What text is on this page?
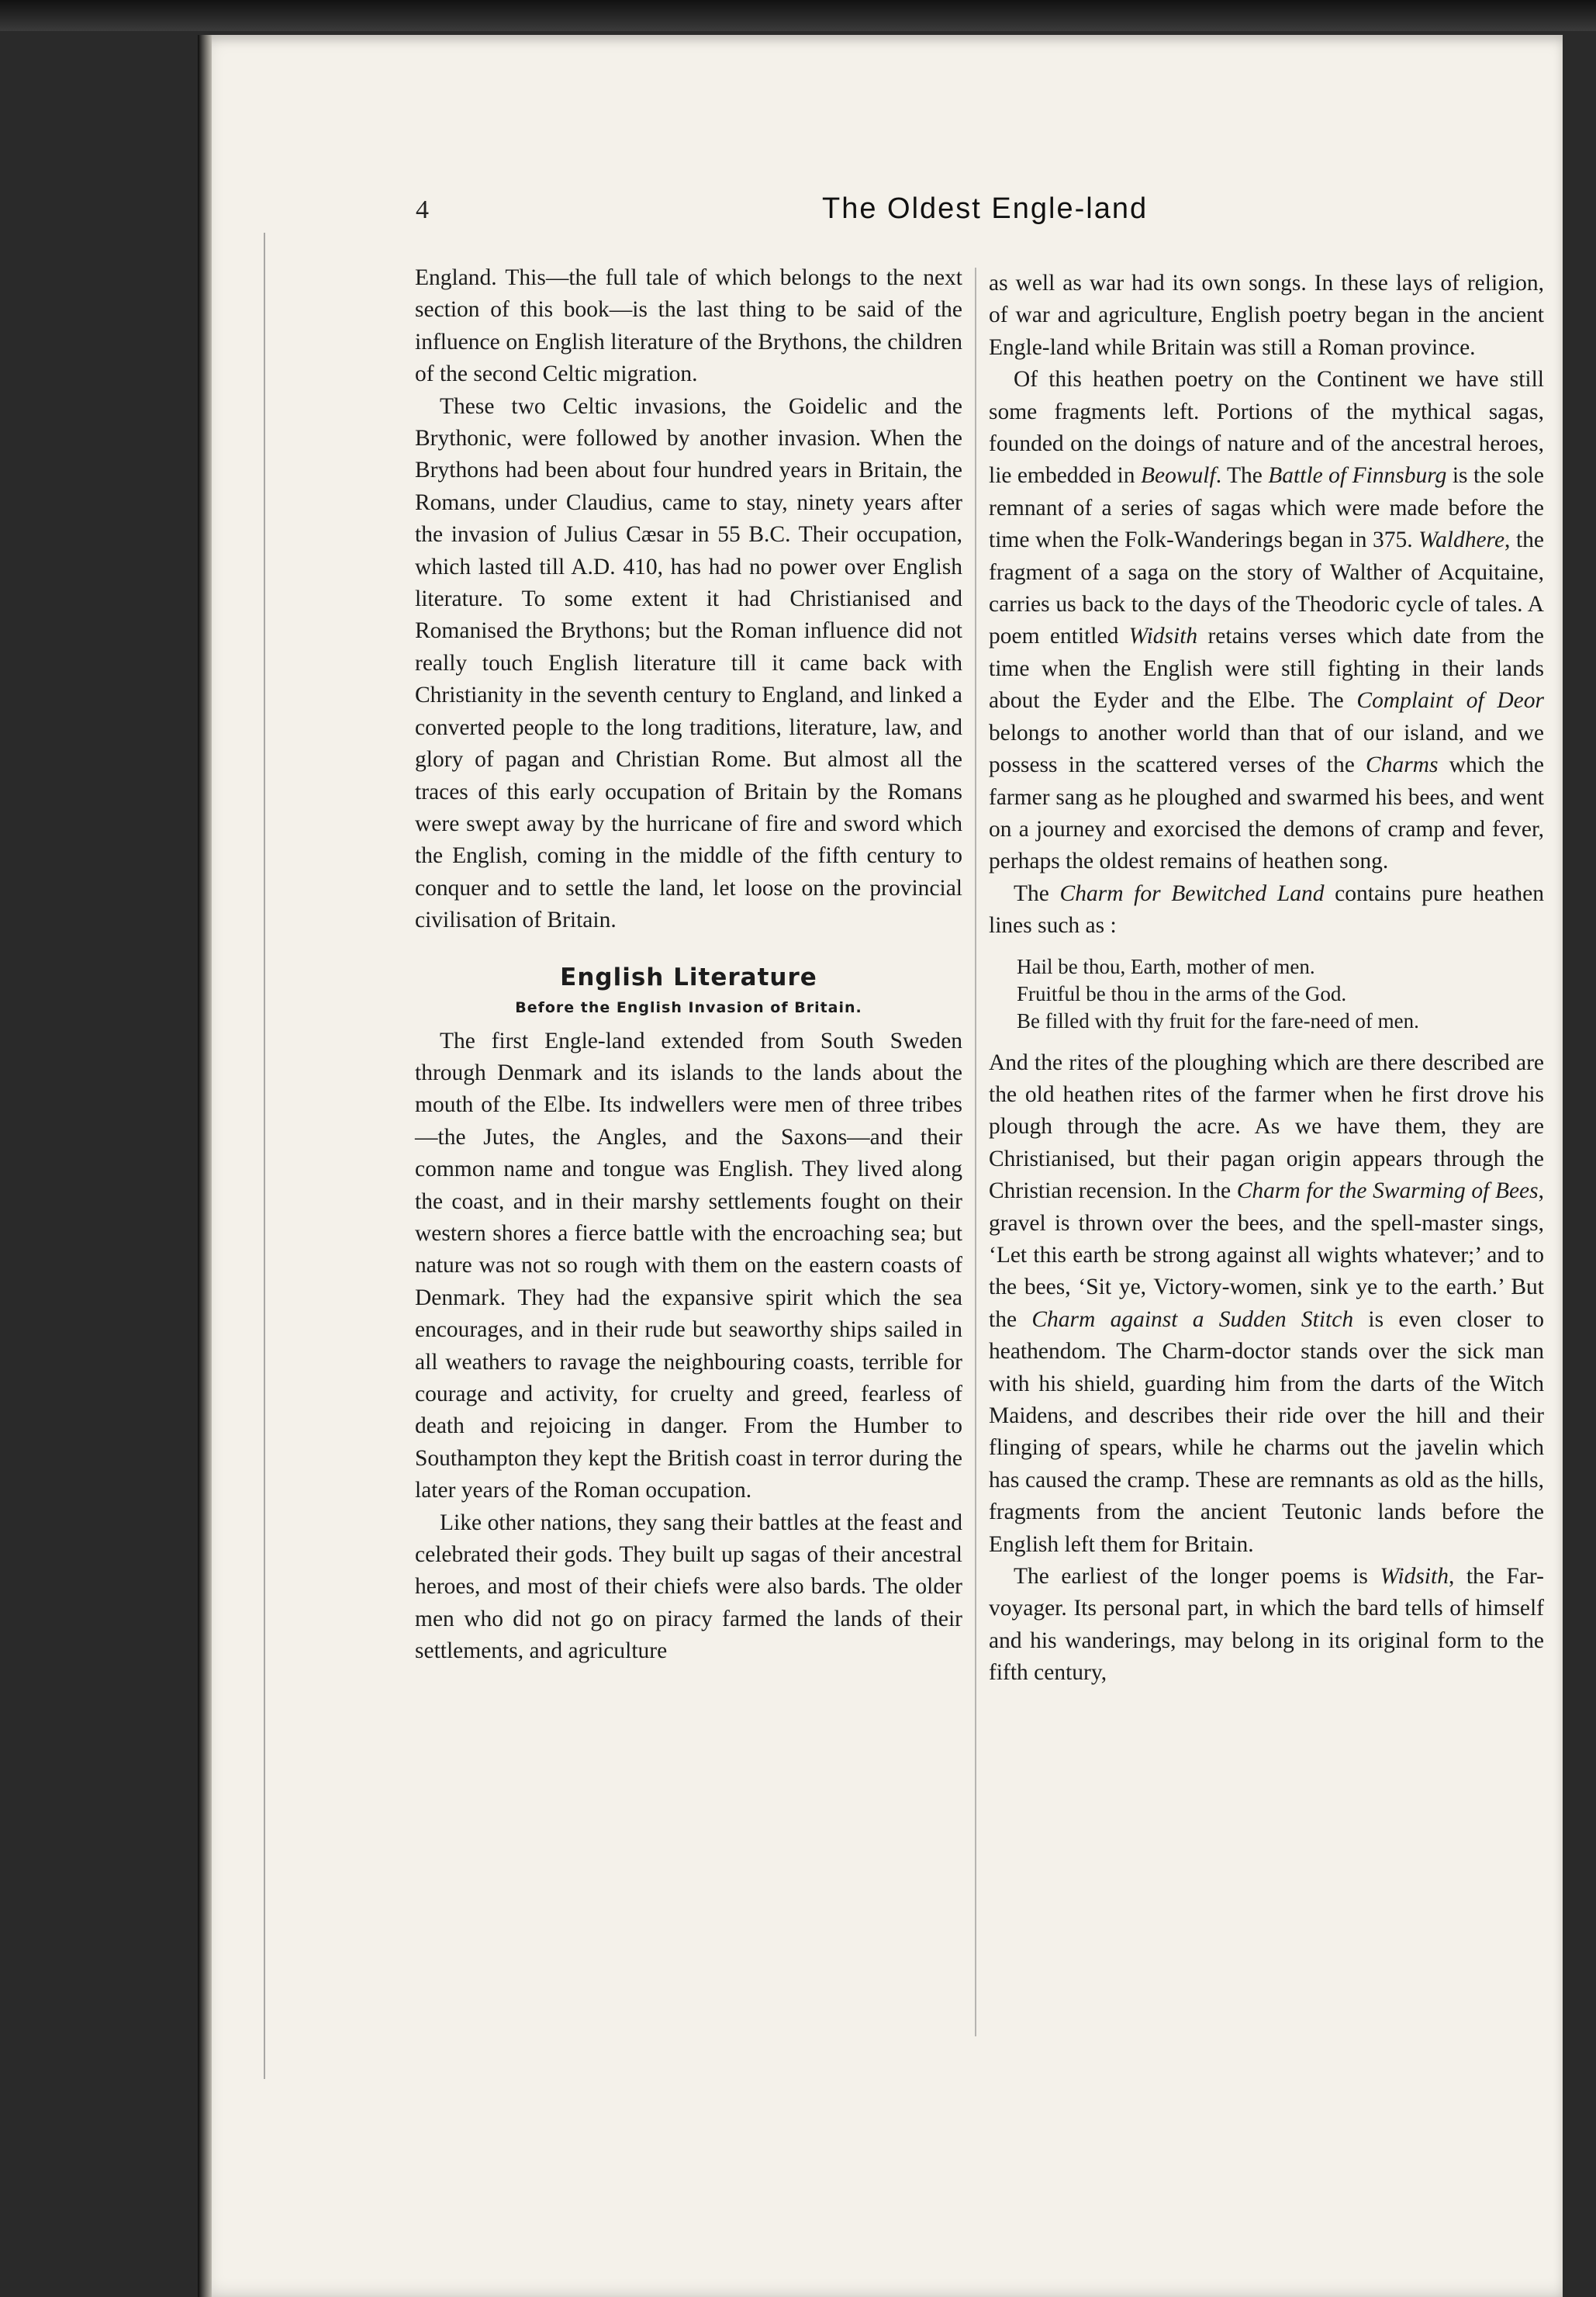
4	The Oldest Engle-land

England. This—the full tale of which belongs to the next section of this book—is the last thing to be said of the influence on English literature of the Brythons, the children of the second Celtic migration.

These two Celtic invasions, the Goidelic and the Brythonic, were followed by another invasion. When the Brythons had been about four hundred years in Britain, the Romans, under Claudius, came to stay, ninety years after the invasion of Julius Cæsar in 55 B.C. Their occupation, which lasted till A.D. 410, has had no power over English literature. To some extent it had Christianised and Romanised the Brythons; but the Roman influence did not really touch English literature till it came back with Christianity in the seventh century to England, and linked a converted people to the long traditions, literature, law, and glory of pagan and Christian Rome. But almost all the traces of this early occupation of Britain by the Romans were swept away by the hurricane of fire and sword which the English, coming in the middle of the fifth century to conquer and to settle the land, let loose on the provincial civilisation of Britain.

English Literature
Before the English Invasion of Britain.

The first Engle-land extended from South Sweden through Denmark and its islands to the lands about the mouth of the Elbe. Its indwellers were men of three tribes—the Jutes, the Angles, and the Saxons—and their common name and tongue was English. They lived along the coast, and in their marshy settlements fought on their western shores a fierce battle with the encroaching sea; but nature was not so rough with them on the eastern coasts of Denmark. They had the expansive spirit which the sea encourages, and in their rude but seaworthy ships sailed in all weathers to ravage the neighbouring coasts, terrible for courage and activity, for cruelty and greed, fearless of death and rejoicing in danger. From the Humber to Southampton they kept the British coast in terror during the later years of the Roman occupation.

Like other nations, they sang their battles at the feast and celebrated their gods. They built up sagas of their ancestral heroes, and most of their chiefs were also bards. The older men who did not go on piracy farmed the lands of their settlements, and agriculture

as well as war had its own songs. In these lays of religion, of war and agriculture, English poetry began in the ancient Engle-land while Britain was still a Roman province.

Of this heathen poetry on the Continent we have still some fragments left. Portions of the mythical sagas, founded on the doings of nature and of the ancestral heroes, lie embedded in Beowulf. The Battle of Finnsburg is the sole remnant of a series of sagas which were made before the time when the Folk-Wanderings began in 375. Waldhere, the fragment of a saga on the story of Walther of Acquitaine, carries us back to the days of the Theodoric cycle of tales. A poem entitled Widsith retains verses which date from the time when the English were still fighting in their lands about the Eyder and the Elbe. The Complaint of Deor belongs to another world than that of our island, and we possess in the scattered verses of the Charms which the farmer sang as he ploughed and swarmed his bees, and went on a journey and exorcised the demons of cramp and fever, perhaps the oldest remains of heathen song.

The Charm for Bewitched Land contains pure heathen lines such as :

Hail be thou, Earth, mother of men.
Fruitful be thou in the arms of the God.
Be filled with thy fruit for the fare-need of men.

And the rites of the ploughing which are there described are the old heathen rites of the farmer when he first drove his plough through the acre. As we have them, they are Christianised, but their pagan origin appears through the Christian recension. In the Charm for the Swarming of Bees, gravel is thrown over the bees, and the spell-master sings, ‘Let this earth be strong against all wights whatever;’ and to the bees, ‘Sit ye, Victory-women, sink ye to the earth.’ But the Charm against a Sudden Stitch is even closer to heathendom. The Charm-doctor stands over the sick man with his shield, guarding him from the darts of the Witch Maidens, and describes their ride over the hill and their flinging of spears, while he charms out the javelin which has caused the cramp. These are remnants as old as the hills, fragments from the ancient Teutonic lands before the English left them for Britain.

The earliest of the longer poems is Widsith, the Far-voyager. Its personal part, in which the bard tells of himself and his wanderings, may belong in its original form to the fifth century,
